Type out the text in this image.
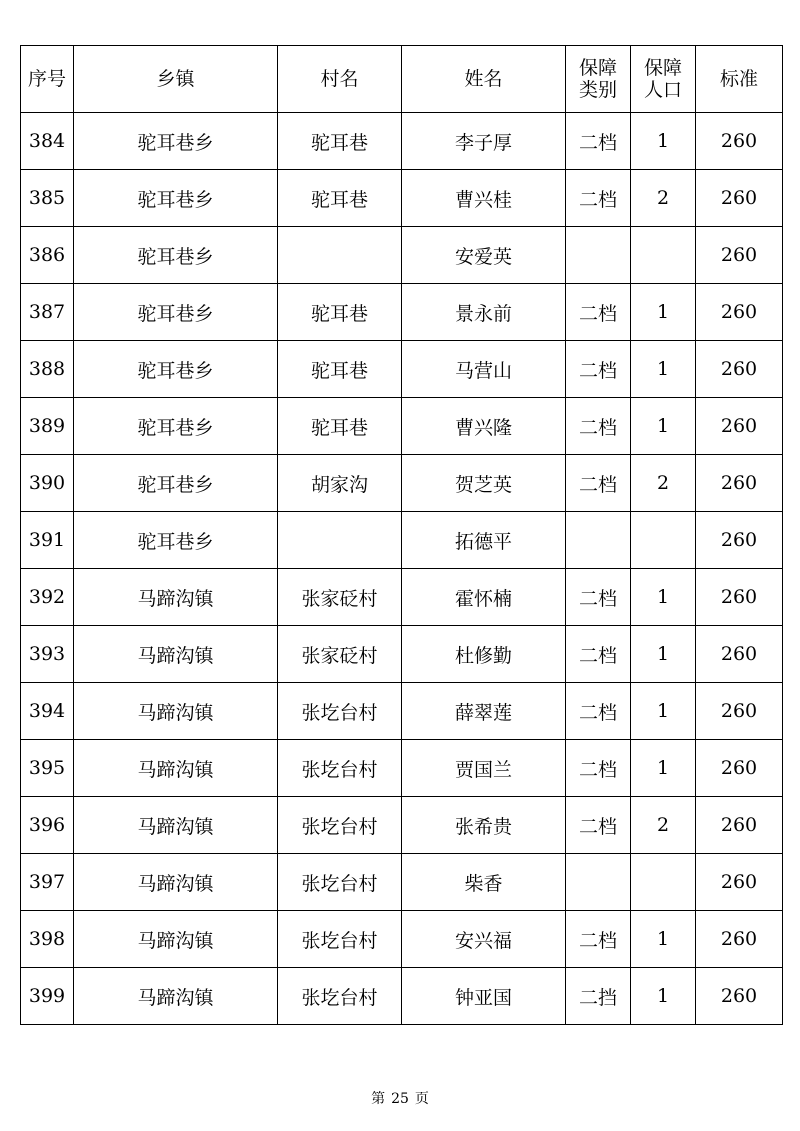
序号	乡镇	村名	姓名	保障类别	保障人口	标准
384	驼耳巷乡	驼耳巷	李子厚	二档	1	260
385	驼耳巷乡	驼耳巷	曹兴桂	二档	2	260
386	驼耳巷乡		安爱英			260
387	驼耳巷乡	驼耳巷	景永前	二档	1	260
388	驼耳巷乡	驼耳巷	马营山	二档	1	260
389	驼耳巷乡	驼耳巷	曹兴隆	二档	1	260
390	驼耳巷乡	胡家沟	贺芝英	二档	2	260
391	驼耳巷乡		拓德平			260
392	马蹄沟镇	张家砭村	霍怀楠	二档	1	260
393	马蹄沟镇	张家砭村	杜修勤	二档	1	260
394	马蹄沟镇	张圪台村	薛翠莲	二档	1	260
395	马蹄沟镇	张圪台村	贾国兰	二档	1	260
396	马蹄沟镇	张圪台村	张希贵	二档	2	260
397	马蹄沟镇	张圪台村	柴香			260
398	马蹄沟镇	张圪台村	安兴福	二档	1	260
399	马蹄沟镇	张圪台村	钟亚国	二挡	1	260
第 25 页
